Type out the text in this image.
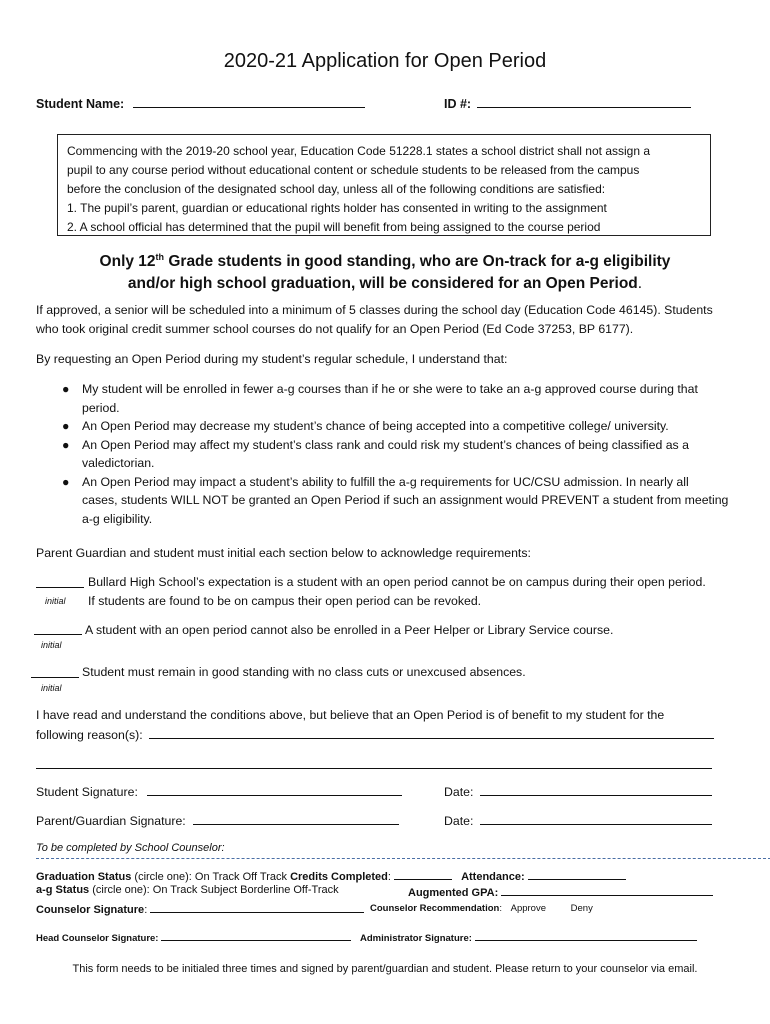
2020-21 Application for Open Period
Student Name:	ID #:
Commencing with the 2019-20 school year, Education Code 51228.1 states a school district shall not assign a
pupil to any course period without educational content or schedule students to be released from the campus
before the conclusion of the designated school day, unless all of the following conditions are satisfied:
1. The pupil’s parent, guardian or educational rights holder has consented in writing to the assignment
2. A school official has determined that the pupil will benefit from being assigned to the course period
Only 12th Grade students in good standing, who are On-track for a-g eligibility
and/or high school graduation, will be considered for an Open Period.
If approved, a senior will be scheduled into a minimum of 5 classes during the school day (Education Code 46145). Students
who took original credit summer school courses do not qualify for an Open Period (Ed Code 37253, BP 6177).
By requesting an Open Period during my student’s regular schedule, I understand that:
● My student will be enrolled in fewer a-g courses than if he or she were to take an a-g approved course during that
period.
● An Open Period may decrease my student’s chance of being accepted into a competitive college/ university.
● An Open Period may affect my student’s class rank and could risk my student’s chances of being classified as a
valedictorian.
● An Open Period may impact a student’s ability to fulfill the a-g requirements for UC/CSU admission. In nearly all
cases, students WILL NOT be granted an Open Period if such an assignment would PREVENT a student from meeting
a-g eligibility.
Parent Guardian and student must initial each section below to acknowledge requirements:
Bullard High School’s expectation is a student with an open period cannot be on campus during their open period.
If students are found to be on campus their open period can be revoked.
initial
A student with an open period cannot also be enrolled in a Peer Helper or Library Service course.
initial
Student must remain in good standing with no class cuts or unexcused absences.
initial
I have read and understand the conditions above, but believe that an Open Period is of benefit to my student for the
following reason(s):
Student Signature:	Date:
Parent/Guardian Signature:	Date:
To be completed by School Counselor:
Graduation Status (circle one): On Track Off Track Credits Completed:	Attendance:
a-g Status (circle one): On Track Subject Borderline Off-Track	Augmented GPA:
Counselor Signature:	Counselor Recommendation: Approve	Deny
Head Counselor Signature:	Administrator Signature:
This form needs to be initialed three times and signed by parent/guardian and student. Please return to your counselor via email.
